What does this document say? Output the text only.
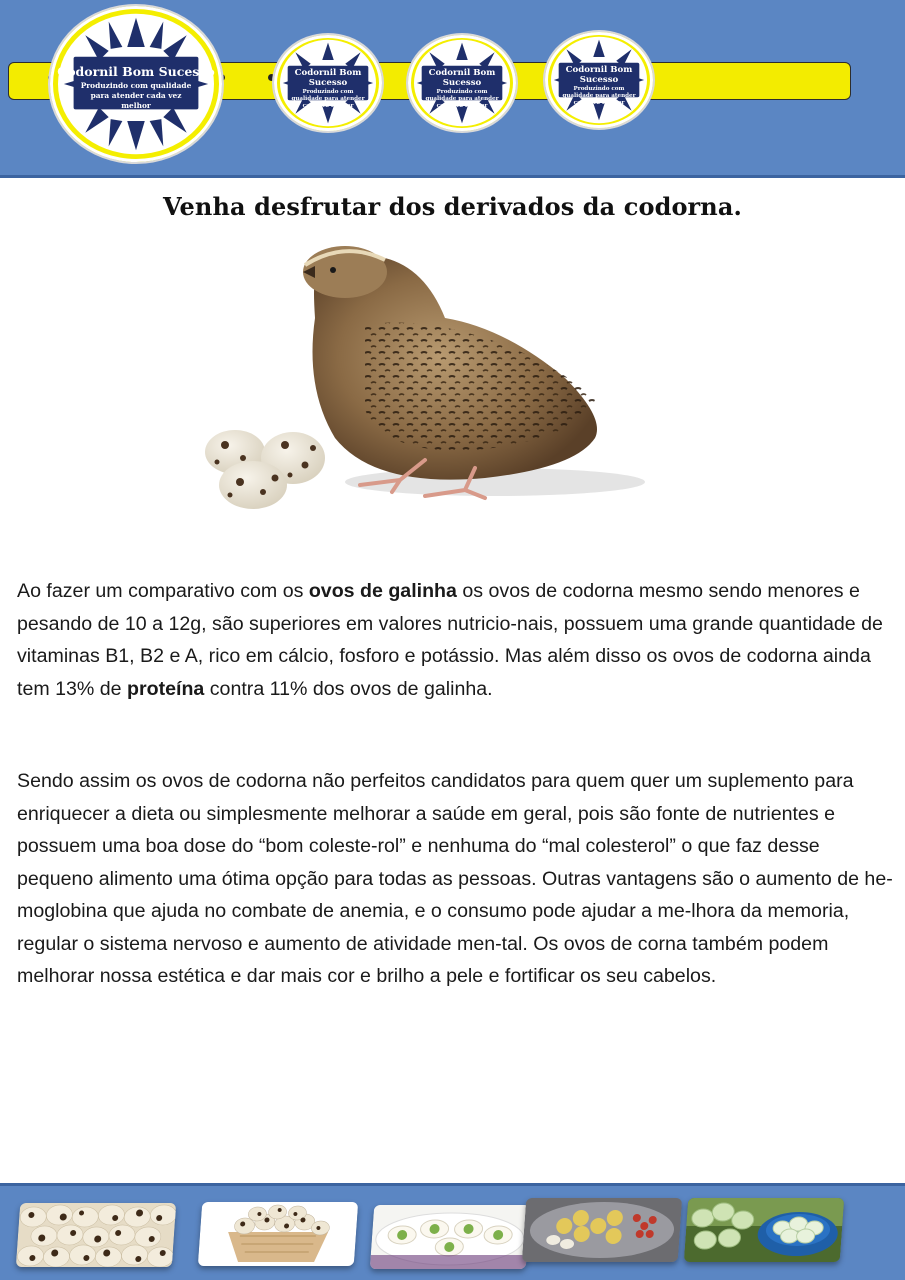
Codornil Bom Sucesso
Produzindo com qualidade para atender cada vez melhor
Codornil Bom Sucesso
Produzindo com qualidade para atender cada vez melhor
Codornil Bom Sucesso
Produzindo com qualidade para atender cada vez melhor
Codornil Bom Sucesso
Produzindo com qualidade para atender cada vez melhor
Venha desfrutar dos derivados da codorna.

Ao fazer um comparativo com os ovos de galinha os ovos de codorna mesmo sendo menores e pesando de 10 a 12g, são superiores em valores nutricio-nais, possuem uma grande quantidade de vitaminas B1, B2 e A, rico em cálcio, fosforo e potássio. Mas além disso os ovos de codorna ainda tem 13% de proteína contra 11% dos ovos de galinha.

Sendo assim os ovos de codorna não perfeitos candidatos para quem quer um suplemento para enriquecer a dieta ou simplesmente melhorar a saúde em geral, pois são fonte de nutrientes e possuem uma boa dose do “bom coleste-rol” e nenhuma do “mal colesterol” o que faz desse pequeno alimento uma ótima opção para todas as pessoas. Outras vantagens são o aumento de he-moglobina que ajuda no combate de anemia, e o consumo pode ajudar a me-lhora da memoria, regular o sistema nervoso e aumento de atividade men-tal. Os ovos de corna também podem melhorar nossa estética e dar mais cor e brilho a pele e fortificar os seu cabelos.
